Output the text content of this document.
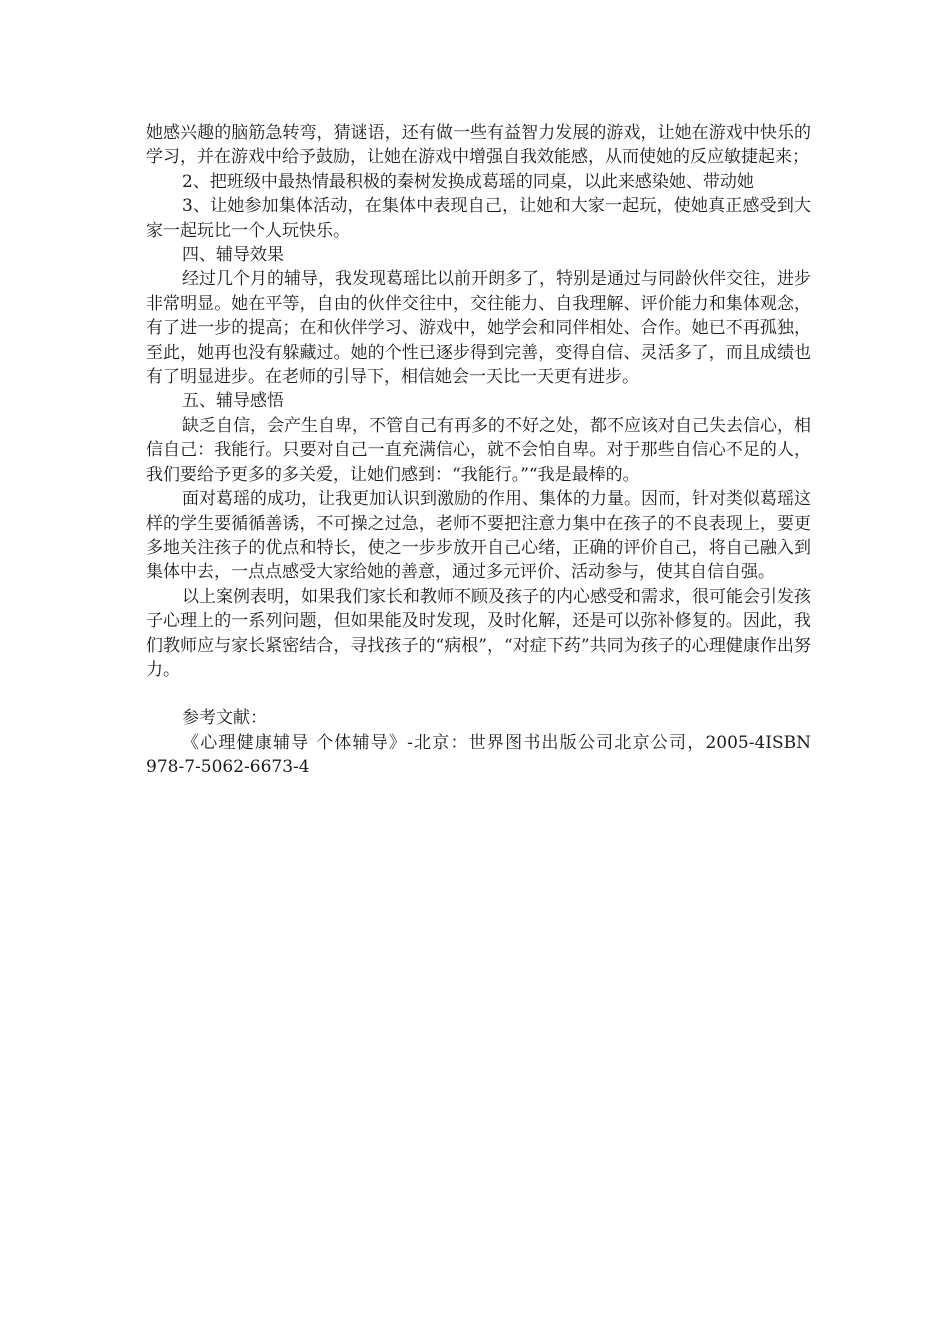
她感兴趣的脑筋急转弯，猜谜语，还有做一些有益智力发展的游戏，让她在游戏中快乐的学习，并在游戏中给予鼓励，让她在游戏中增强自我效能感，从而使她的反应敏捷起来；

2、把班级中最热情最积极的秦树发换成葛瑶的同桌，以此来感染她、带动她

3、让她参加集体活动，在集体中表现自己，让她和大家一起玩，使她真正感受到大家一起玩比一个人玩快乐。

四、辅导效果

经过几个月的辅导，我发现葛瑶比以前开朗多了，特别是通过与同龄伙伴交往，进步非常明显。她在平等，自由的伙伴交往中，交往能力、自我理解、评价能力和集体观念，有了进一步的提高；在和伙伴学习、游戏中，她学会和同伴相处、合作。她已不再孤独，至此，她再也没有躲藏过。她的个性已逐步得到完善，变得自信、灵活多了，而且成绩也有了明显进步。在老师的引导下，相信她会一天比一天更有进步。

五、辅导感悟

缺乏自信，会产生自卑，不管自己有再多的不好之处，都不应该对自己失去信心，相信自己：我能行。只要对自己一直充满信心，就不会怕自卑。对于那些自信心不足的人，我们要给予更多的多关爱，让她们感到：“我能行。”“我是最棒的。

面对葛瑶的成功，让我更加认识到激励的作用、集体的力量。因而，针对类似葛瑶这样的学生要循循善诱，不可操之过急，老师不要把注意力集中在孩子的不良表现上，要更多地关注孩子的优点和特长，使之一步步放开自己心绪，正确的评价自己，将自己融入到集体中去，一点点感受大家给她的善意，通过多元评价、活动参与，使其自信自强。

以上案例表明，如果我们家长和教师不顾及孩子的内心感受和需求，很可能会引发孩子心理上的一系列问题，但如果能及时发现，及时化解，还是可以弥补修复的。因此，我们教师应与家长紧密结合，寻找孩子的“病根”，“对症下药”共同为孩子的心理健康作出努力。

参考文献：

《心理健康辅导 个体辅导》-北京：世界图书出版公司北京公司，2005-4ISBN 978-7-5062-6673-4
